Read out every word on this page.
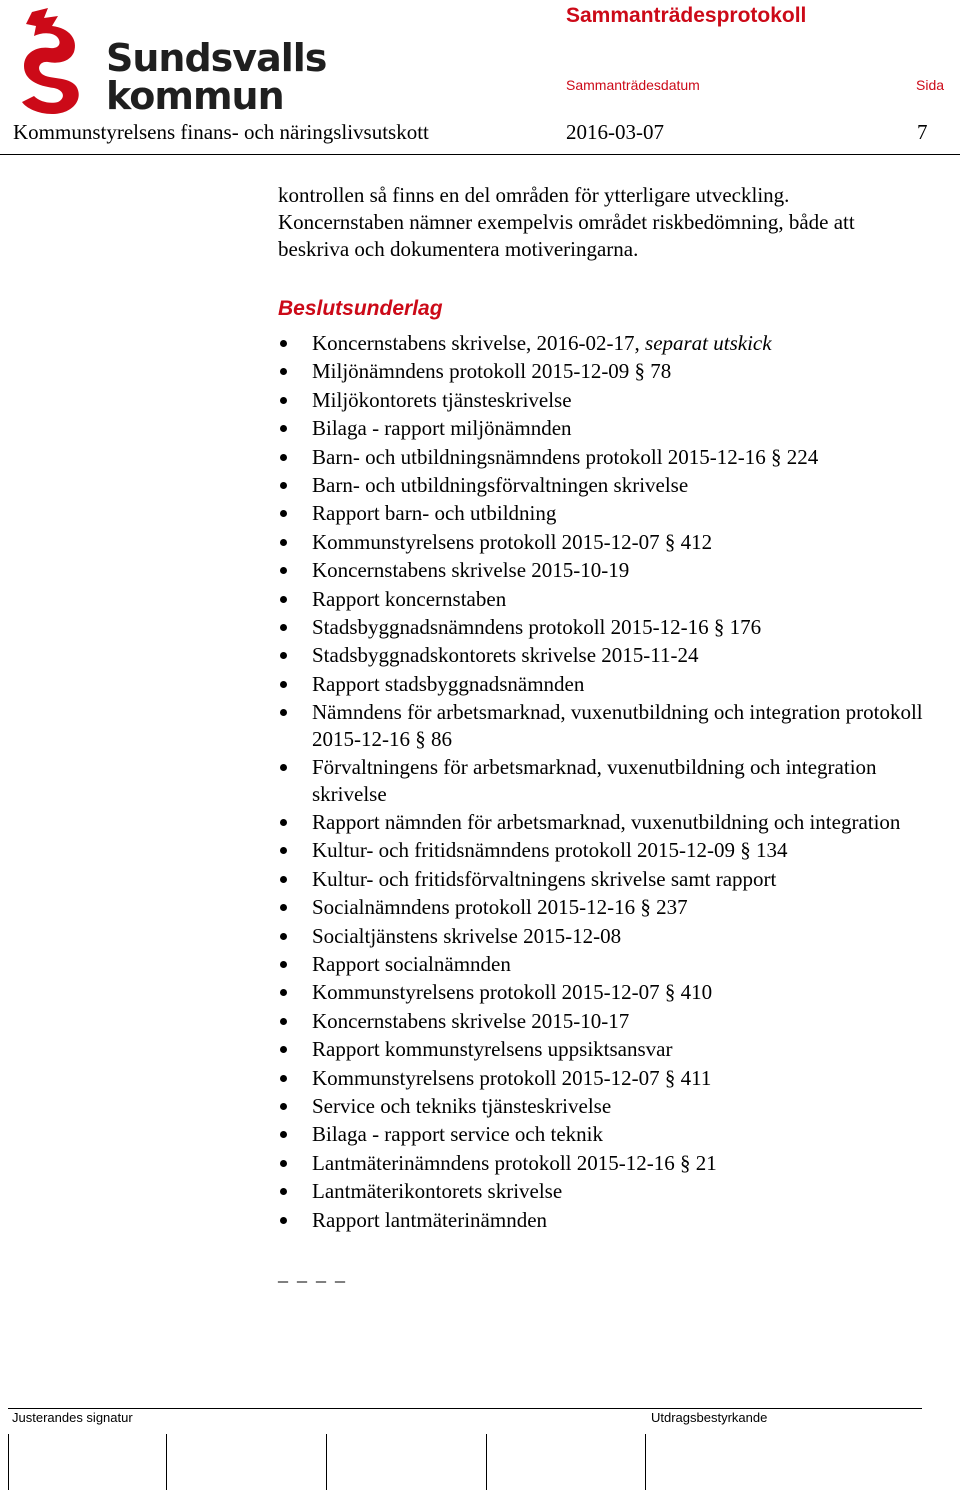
Sundsvalls
kommun
Sammanträdesprotokoll
Sammanträdesdatum	Sida
Kommunstyrelsens finans- och näringslivsutskott	2016-03-07	7

kontrollen så finns en del områden för ytterligare utveckling.

Koncernstaben nämner exempelvis området riskbedömning, både att

beskriva och dokumentera motiveringarna.

Beslutsunderlag
Koncernstabens skrivelse, 2016-02-17, separat utskick
Miljönämndens protokoll 2015-12-09 § 78
Miljökontorets tjänsteskrivelse
Bilaga - rapport miljönämnden
Barn- och utbildningsnämndens protokoll 2015-12-16 § 224
Barn- och utbildningsförvaltningen skrivelse
Rapport barn- och utbildning
Kommunstyrelsens protokoll 2015-12-07 § 412
Koncernstabens skrivelse 2015-10-19
Rapport koncernstaben
Stadsbyggnadsnämndens protokoll 2015-12-16 § 176
Stadsbyggnadskontorets skrivelse 2015-11-24
Rapport stadsbyggnadsnämnden
Nämndens för arbetsmarknad, vuxenutbildning och integration protokoll 2015-12-16 § 86
Förvaltningens för arbetsmarknad, vuxenutbildning och integration skrivelse
Rapport nämnden för arbetsmarknad, vuxenutbildning och integration
Kultur- och fritidsnämndens protokoll 2015-12-09 § 134
Kultur- och fritidsförvaltningens skrivelse samt rapport
Socialnämndens protokoll 2015-12-16 § 237
Socialtjänstens skrivelse 2015-12-08
Rapport socialnämnden
Kommunstyrelsens protokoll 2015-12-07 § 410
Koncernstabens skrivelse 2015-10-17
Rapport kommunstyrelsens uppsiktsansvar
Kommunstyrelsens protokoll 2015-12-07 § 411
Service och tekniks tjänsteskrivelse
Bilaga - rapport service och teknik
Lantmäterinämndens protokoll 2015-12-16 § 21
Lantmäterikontorets skrivelse
Rapport lantmäterinämnden
_ _ _ _
Justerandes signatur	Utdragsbestyrkande
